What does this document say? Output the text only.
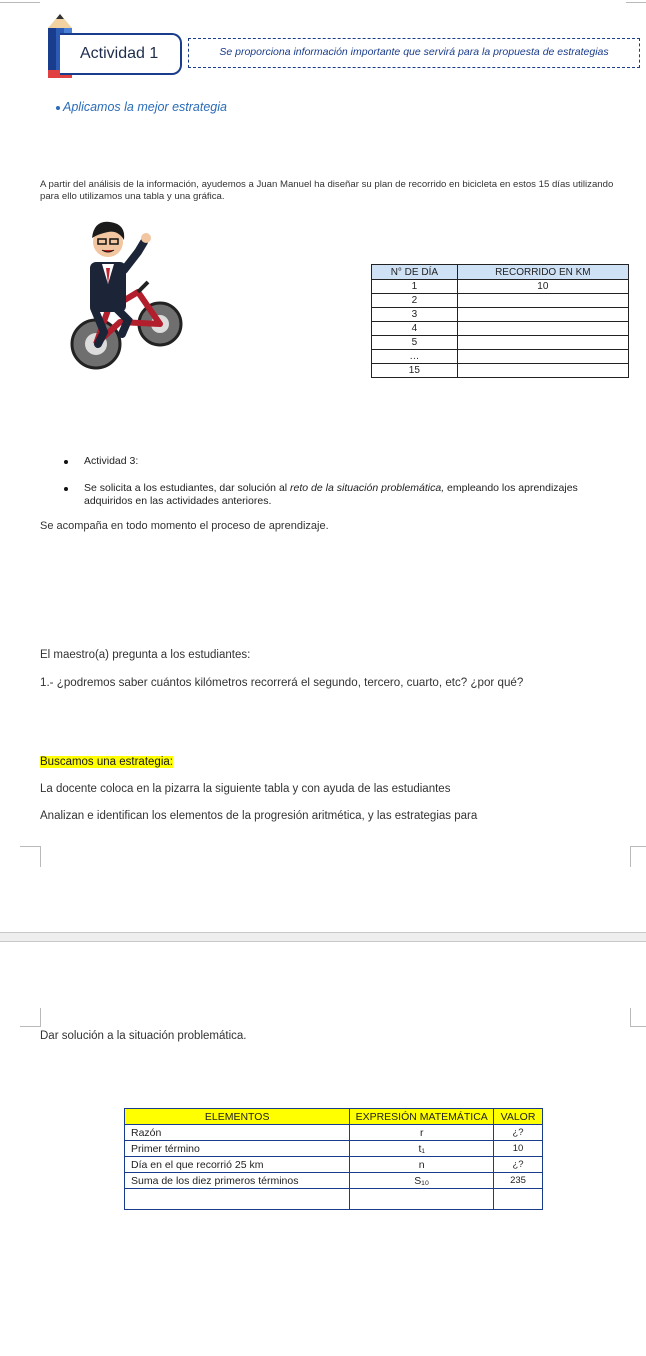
Actividad 1	Se proporciona información importante que servirá para la propuesta de estrategias
Aplicamos la mejor estrategia
A partir del análisis de la información, ayudemos a Juan Manuel ha diseñar su plan de recorrido en bicicleta en estos 15 días utilizando para ello utilizamos una tabla y una gráfica.
N° DE DÍA	RECORRIDO EN KM
1	10
2	
3	
4	
5	
…	
15	
Actividad 3:
Se solicita a los estudiantes, dar solución al reto de la situación problemática, empleando los aprendizajes adquiridos en las actividades anteriores.
Se acompaña en todo momento el proceso de aprendizaje.
El maestro(a) pregunta a los estudiantes:
1.- ¿podremos saber cuántos kilómetros recorrerá el segundo, tercero, cuarto, etc? ¿por qué?
Buscamos una estrategia:
La docente coloca en la pizarra la siguiente tabla y con ayuda de las estudiantes
Analizan e identifican los elementos de la progresión aritmética, y las estrategias para
Dar solución a la situación problemática.
ELEMENTOS	EXPRESIÓN MATEMÁTICA	VALOR
Razón	r	¿?
Primer término	t₁	10
Día en el que recorrió 25 km	n	¿?
Suma de los diez primeros términos	S₁₀	235
